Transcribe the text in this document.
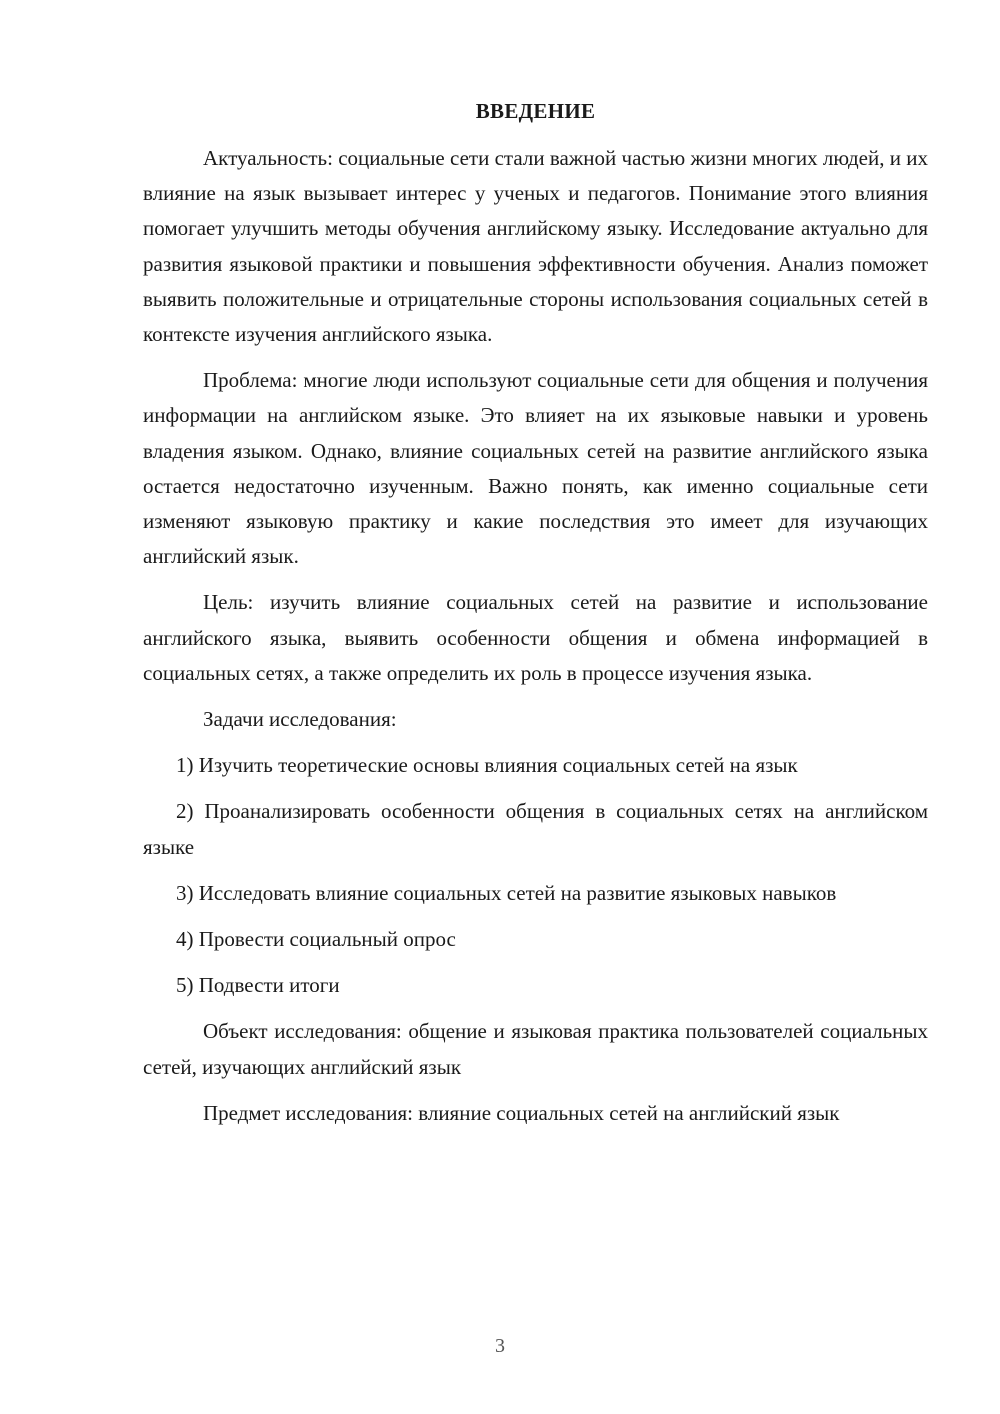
ВВЕДЕНИЕ

Актуальность: социальные сети стали важной частью жизни многих людей, и их влияние на язык вызывает интерес у ученых и педагогов. Понимание этого влияния помогает улучшить методы обучения английскому языку. Исследование актуально для развития языковой практики и повышения эффективности обучения. Анализ поможет выявить положительные и отрицательные стороны использования социальных сетей в контексте изучения английского языка.

Проблема: многие люди используют социальные сети для общения и получения информации на английском языке. Это влияет на их языковые навыки и уровень владения языком. Однако, влияние социальных сетей на развитие английского языка остается недостаточно изученным. Важно понять, как именно социальные сети изменяют языковую практику и какие последствия это имеет для изучающих английский язык.

Цель: изучить влияние социальных сетей на развитие и использование английского языка, выявить особенности общения и обмена информацией в социальных сетях, а также определить их роль в процессе изучения языка.

Задачи исследования:

1) Изучить теоретические основы влияния социальных сетей на язык

2) Проанализировать особенности общения в социальных сетях на английском языке

3) Исследовать влияние социальных сетей на развитие языковых навыков

4) Провести социальный опрос

5) Подвести итоги

Объект исследования: общение и языковая практика пользователей социальных сетей, изучающих английский язык

Предмет исследования: влияние социальных сетей на английский язык

3
